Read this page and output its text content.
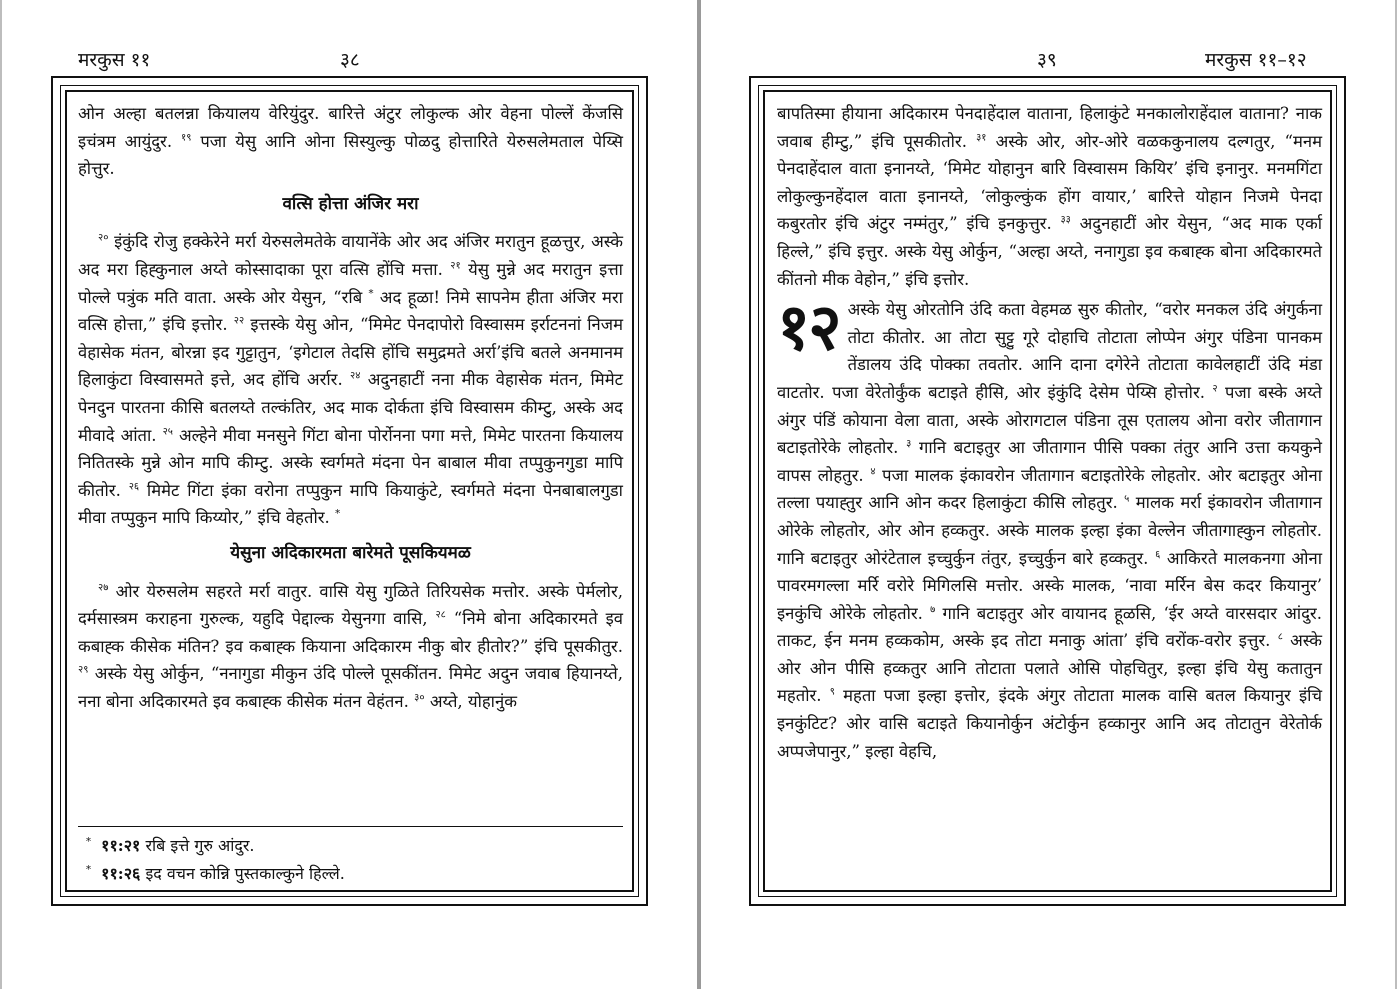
मरकुस ११	३८

ओन अल्हा बतलन्ना कियालय वेरियुंदुर. बारित्ते अंटुर लोकुल्क ओर वेहना पोल्लें केंजसि इचंत्रम आयुंदुर. $^{१९}$ पजा येसु आनि ओना सिस्युल्कु पोळदु होत्तारिते येरुसलेमताल पेय्सि होत्तुर.

वत्सि होत्ता अंजिर मरा

$^{२०}$ इंकुंदि रोजु हक्केरेने मर्रा येरुसलेमतेके वायानेंके ओर अद अंजिर मरातुन हूळत्तुर, अस्के अद मरा हिह्कुनाल अय्ते कोस्सादाका पूरा वत्सि होंचि मत्ता. $^{२१}$ येसु मुन्ने अद मरातुन इत्ता पोल्ले पत्रुंक मति वाता. अस्के ओर येसुन, “रबि * अद हूळा! निमे सापनेम हीता अंजिर मरा वत्सि होत्ता,” इंचि इत्तोर. $^{२२}$ इत्तस्के येसु ओन, “मिमेट पेनदापोरो विस्वासम इर्राटननां निजम वेहासेक मंतन, बोरन्ना इद गुट्टातुन, ‘इगेटाल तेदसि होंचि समुद्रमते अर्रा’इंचि बतले अनमानम हिलाकुंटा विस्वासमते इत्ते, अद होंचि अर्रार. $^{२४}$ अदुनहाटीं नना मीक वेहासेक मंतन, मिमेट पेनदुन पारतना कीसि बतलय्ते तल्कंतिर, अद माक दोर्कता इंचि विस्वासम कीम्टु, अस्के अद मीवादे आंता. $^{२५}$ अल्हेने मीवा मनसुने गिंटा बोना पोर्रोनना पगा मत्ते, मिमेट पारतना कियालय नितितस्के मुन्ने ओन मापि कीम्टु. अस्के स्वर्गमते मंदना पेन बाबाल मीवा तप्पुकुनगुडा मापि कीतोर. $^{२६}$ मिमेट गिंटा इंका वरोना तप्पुकुन मापि कियाकुंटे, स्वर्गमते मंदना पेनबाबालगुडा मीवा तप्पुकुन मापि किय्योर,” इंचि वेहतोर. *

येसुना अदिकारमता बारेमते पूसकियमळ

$^{२७}$ ओर येरुसलेम सहरते मर्रा वातुर. वासि येसु गुळिते तिरियसेक मत्तोर. अस्के पेर्मलोर, दर्मसास्त्रम कराहना गुरुल्क, यहुदि पेद्दाल्क येसुनगा वासि, $^{२८}$ “निमे बोना अदिकारमते इव कबाह्क कीसेक मंतिन? इव कबाह्क कियाना अदिकारम नीकु बोर हीतोर?” इंचि पूसकीतुर. $^{२९}$ अस्के येसु ओर्कुन, “ननागुडा मीकुन उंदि पोल्ले पूसकींतन. मिमेट अदुन जवाब हियानय्ते, नना बोना अदिकारमते इव कबाह्क कीसेक मंतन वेहंतन. $^{३०}$ अय्ते, योहानुंक

* ११:२१ रबि इत्ते गुरु आंदुर.
* ११:२६ इद वचन कोन्नि पुस्तकाल्कुने हिल्ले.
३९	मरकुस ११–१२

बापतिस्मा हीयाना अदिकारम पेनदाहेंदाल वाताना, हिलाकुंटे मनकालोराहेंदाल वाताना? नाक जवाब हीम्टु,” इंचि पूसकीतोर. $^{३१}$ अस्के ओर, ओर-ओरे वळककुनालय दल्गतुर, “मनम पेनदाहेंदाल वाता इनानय्ते, ‘मिमेट योहानुन बारि विस्वासम कियिर’ इंचि इनानुर. मनमगिंटा लोकुल्कुनहेंदाल वाता इनानय्ते, ‘लोकुल्कुंक होंग वायार,’ बारित्ते योहान निजमे पेनदा कबुरतोर इंचि अंटुर नम्मंतुर,” इंचि इनकुत्तुर. $^{३३}$ अदुनहाटीं ओर येसुन, “अद माक एर्का हिल्ले,” इंचि इत्तुर. अस्के येसु ओर्कुन, “अल्हा अय्ते, ननागुडा इव कबाह्क बोना अदिकारमते कींतनो मीक वेहोन,” इंचि इत्तोर.

१२ अस्के येसु ओरतोनि उंदि कता वेहमळ सुरु कीतोर, “वरोर मनकल उंदि अंगुर्कना तोटा कीतोर. आ तोटा सुट्टु गूरे दोहाचि तोटाता लोप्पेन अंगुर पंडिना पानकम तेंडालय उंदि पोक्का तवतोर. आनि दाना दगेरेने तोटाता कावेलहाटीं उंदि मंडा वाटतोर. पजा वेरेतोर्कुंक बटाइते हीसि, ओर इंकुंदि देसेम पेय्सि होत्तोर. $^२$ पजा बस्के अय्ते अंगुर पंडिं कोयाना वेला वाता, अस्के ओरागटाल पंडिना तूस एतालय ओना वरोर जीतागान बटाइतोरेके लोहतोर. $^३$ गानि बटाइतुर आ जीतागान पीसि पक्का तंतुर आनि उत्ता कयकुने वापस लोहतुर. $^४$ पजा मालक इंकावरोन जीतागान बटाइतोरेके लोहतोर. ओर बटाइतुर ओना तल्ला पयाह्तुर आनि ओन कदर हिलाकुंटा कीसि लोहतुर. $^५$ मालक मर्रा इंकावरोन जीतागान ओरेके लोहतोर, ओर ओन हव्कतुर. अस्के मालक इल्हा इंका वेल्लेन जीतागाह्कुन लोहतोर. गानि बटाइतुर ओरंटेताल इच्चुर्कुन तंतुर, इच्चुर्कुन बारे हव्कतुर. $^६$ आकिरते मालकनगा ओना पावरमगल्ला मर्रि वरोरे मिगिलसि मत्तोर. अस्के मालक, ‘नावा मर्रिन बेस कदर कियानुर’ इनकुंचि ओरेके लोहतोर. $^७$ गानि बटाइतुर ओर वायानद हूळसि, ‘ईर अय्ते वारसदार आंदुर. ताकट, ईन मनम हव्ककोम, अस्के इद तोटा मनाकु आंता’ इंचि वरोंक-वरोर इत्तुर. $^८$ अस्के ओर ओन पीसि हव्कतुर आनि तोटाता पलाते ओसि पोहचितुर, इल्हा इंचि येसु कतातुन महतोर. $^९$ महता पजा इल्हा इत्तोर, इंदके अंगुर तोटाता मालक वासि बतल कियानुर इंचि इनकुंटिट? ओर वासि बटाइते कियानोर्कुन अंटोर्कुन हव्कानुर आनि अद तोटातुन वेरेतोर्क अप्पजेपानुर,” इल्हा वेहचि,
